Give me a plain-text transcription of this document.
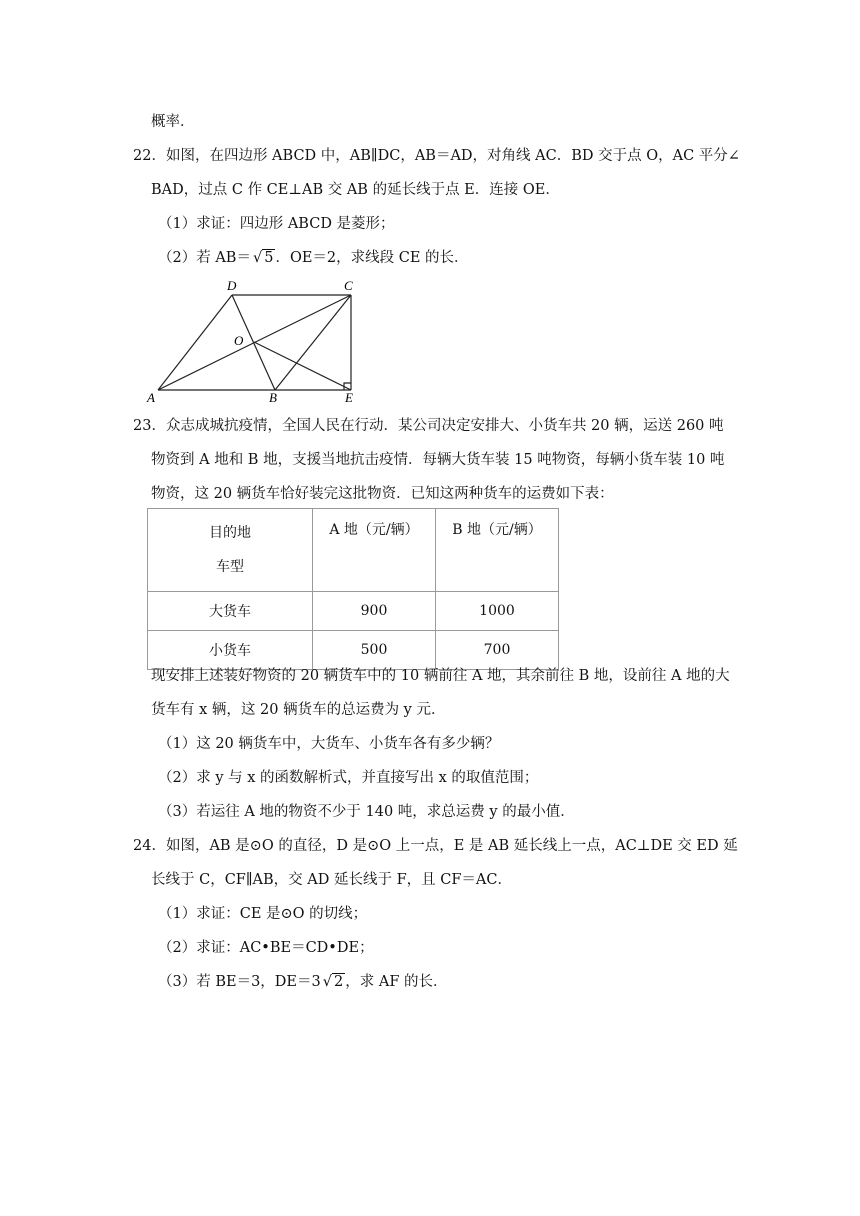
概率．
22．如图，在四边形 ABCD 中，AB∥DC，AB＝AD，对角线 AC．BD 交于点 O，AC 平分∠
BAD，过点 C 作 CE⊥AB 交 AB 的延长线于点 E．连接 OE．
（1）求证：四边形 ABCD 是菱形；
（2）若 AB＝ √ 5 ．OE＝2，求线段 CE 的长．
A	B	E
C
D
O
23．众志成城抗疫情，全国人民在行动．某公司决定安排大、小货车共 20 辆，运送 260 吨
物资到 A 地和 B 地，支援当地抗击疫情．每辆大货车装 15 吨物资，每辆小货车装 10 吨
物资，这 20 辆货车恰好装完这批物资．已知这两种货车的运费如下表：
目的地
车型	A 地（元/辆）	B 地（元/辆）
大货车	900	1000
小货车	500	700
现安排上述装好物资的 20 辆货车中的 10 辆前往 A 地，其余前往 B 地，设前往 A 地的大
货车有 x 辆，这 20 辆货车的总运费为 y 元．
（1）这 20 辆货车中，大货车、小货车各有多少辆？
（2）求 y 与 x 的函数解析式，并直接写出 x 的取值范围；
（3）若运往 A 地的物资不少于 140 吨，求总运费 y 的最小值．
24．如图，AB 是⊙O 的直径，D 是⊙O 上一点，E 是 AB 延长线上一点，AC⊥DE 交 ED 延
长线于 C，CF∥AB，交 AD 延长线于 F，且 CF＝AC．
（1）求证：CE 是⊙O 的切线；
（2）求证：AC•BE＝CD•DE；
（3）若 BE＝3，DE＝3 √ 2 ，求 AF 的长．
